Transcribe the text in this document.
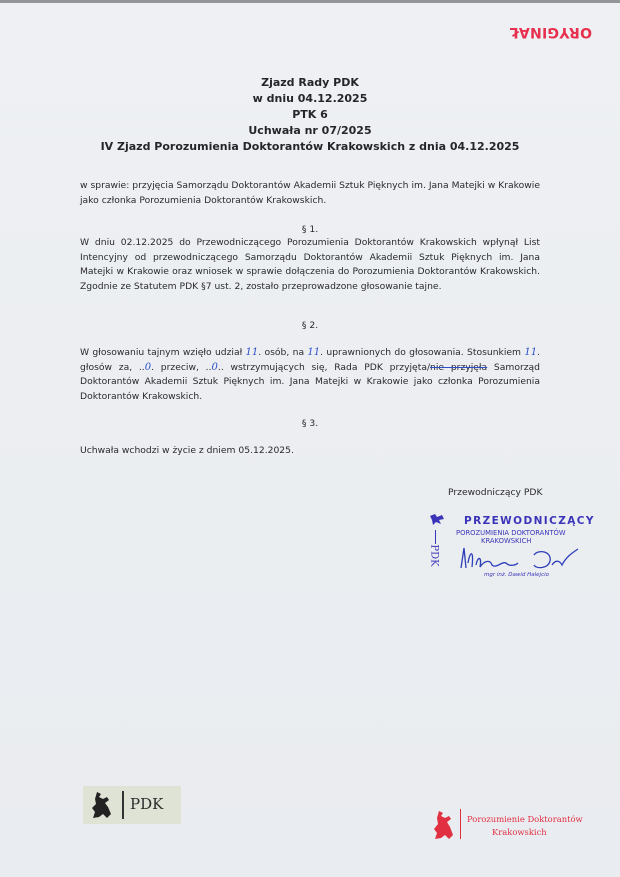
ORYGINAŁ
Zjazd Rady PDK
w dniu 04.12.2025
PTK 6
Uchwała nr 07/2025
IV Zjazd Porozumienia Doktorantów Krakowskich z dnia 04.12.2025
w sprawie: przyjęcia Samorządu Doktorantów Akademii Sztuk Pięknych im. Jana Matejki w Krakowie jako członka Porozumienia Doktorantów Krakowskich.
§ 1.
W dniu 02.12.2025 do Przewodniczącego Porozumienia Doktorantów Krakowskich wpłynął List Intencyjny od przewodniczącego Samorządu Doktorantów Akademii Sztuk Pięknych im. Jana Matejki w Krakowie oraz wniosek w sprawie dołączenia do Porozumienia Doktorantów Krakowskich. Zgodnie ze Statutem PDK §7 ust. 2, zostało przeprowadzone głosowanie tajne.
§ 2.
W głosowaniu tajnym wzięło udział 11. osób, na 11. uprawnionych do głosowania. Stosunkiem 11. głosów za, ..0. przeciw, ..0.. wstrzymujących się, Rada PDK przyjęta/nie przyjęła Samorząd Doktorantów Akademii Sztuk Pięknych im. Jana Matejki w Krakowie jako członka Porozumienia Doktorantów Krakowskich.
§ 3.
Uchwała wchodzi w życie z dniem 05.12.2025.
Przewodniczący PDK
PDK
PRZEWODNICZĄCY
POROZUMIENIA DOKTORANTÓW
KRAKOWSKICH
mgr inż. Dawid Halejcio
PDK
Porozumienie Doktorantów
Krakowskich
